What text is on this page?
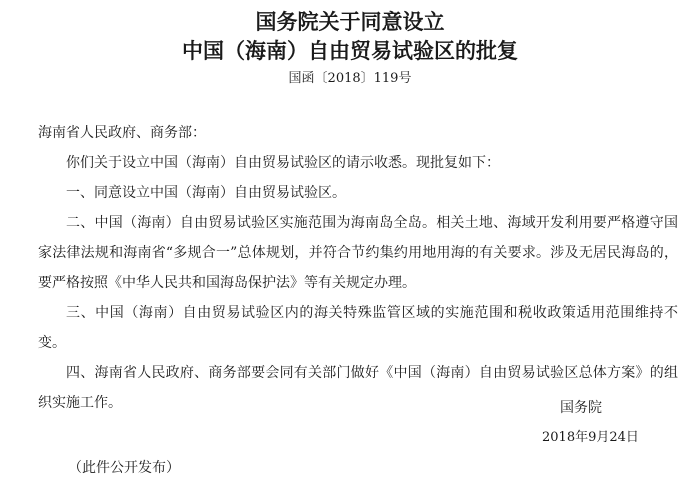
国务院关于同意设立
中国（海南）自由贸易试验区的批复
国函〔2018〕119号

海南省人民政府、商务部：

你们关于设立中国（海南）自由贸易试验区的请示收悉。现批复如下：

一、同意设立中国（海南）自由贸易试验区。

二、中国（海南）自由贸易试验区实施范围为海南岛全岛。相关土地、海域开发利用要严格遵守国家法律法规和海南省“多规合一”总体规划，并符合节约集约用地用海的有关要求。涉及无居民海岛的，要严格按照《中华人民共和国海岛保护法》等有关规定办理。

三、中国（海南）自由贸易试验区内的海关特殊监管区域的实施范围和税收政策适用范围维持不变。

四、海南省人民政府、商务部要会同有关部门做好《中国（海南）自由贸易试验区总体方案》的组织实施工作。	国务院
2018年9月24日
（此件公开发布）
